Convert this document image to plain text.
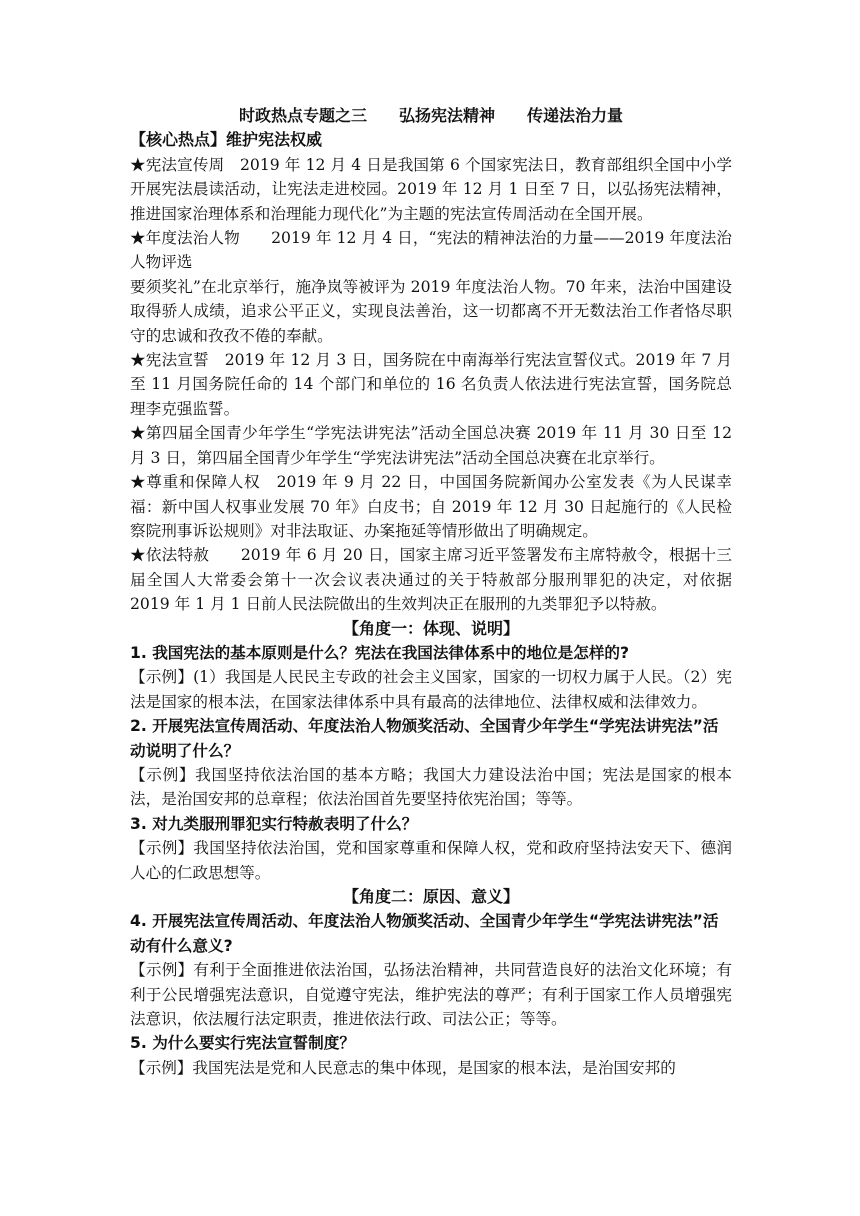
时政热点专题之三　　弘扬宪法精神　　传递法治力量
【核心热点】维护宪法权威

★宪法宣传周　2019 年 12 月 4 日是我国第 6 个国家宪法日，教育部组织全国中小学开展宪法晨读活动，让宪法走进校园。2019 年 12 月 1 日至 7 日，以弘扬宪法精神，推进国家治理体系和治理能力现代化”为主题的宪法宣传周活动在全国开展。

★年度法治人物　　2019 年 12 月 4 日，“宪法的精神法治的力量——2019 年度法治人物评选

要须奖礼”在北京举行，施净岚等被评为 2019 年度法治人物。70 年来，法治中国建设取得骄人成绩，追求公平正义，实现良法善治，这一切都离不开无数法治工作者恪尽职守的忠诚和孜孜不倦的奉献。

★宪法宣誓　2019 年 12 月 3 日，国务院在中南海举行宪法宣誓仪式。2019 年 7 月至 11 月国务院任命的 14 个部门和单位的 16 名负责人依法进行宪法宣誓，国务院总理李克强监誓。

★第四届全国青少年学生“学宪法讲宪法”活动全国总决赛 2019 年 11 月 30 日至 12 月 3 日，第四届全国青少年学生“学宪法讲宪法”活动全国总决赛在北京举行。

★尊重和保障人权　2019 年 9 月 22 日，中国国务院新闻办公室发表《为人民谋幸福：新中国人权事业发展 70 年》白皮书；自 2019 年 12 月 30 日起施行的《人民检察院刑事诉讼规则》对非法取证、办案拖延等情形做出了明确规定。

★依法特赦　　2019 年 6 月 20 日，国家主席习近平签署发布主席特赦令，根据十三届全国人大常委会第十一次会议表决通过的关于特赦部分服刑罪犯的决定，对依据 2019 年 1 月 1 日前人民法院做出的生效判决正在服刑的九类罪犯予以特赦。

【角度一：体现、说明】
1. 我国宪法的基本原则是什么？宪法在我国法律体系中的地位是怎样的?

【示例】(1）我国是人民民主专政的社会主义国家，国家的一切权力属于人民。（2）宪法是国家的根本法，在国家法律体系中具有最高的法律地位、法律权威和法律效力。

2. 开展宪法宣传周活动、年度法治人物颁奖活动、全国青少年学生“学宪法讲宪法”活动说明了什么？

【示例】我国坚持依法治国的基本方略；我国大力建设法治中国；宪法是国家的根本法，是治国安邦的总章程；依法治国首先要坚持依宪治国；等等。

3. 对九类服刑罪犯实行特赦表明了什么？

【示例】我国坚持依法治国，党和国家尊重和保障人权，党和政府坚持法安天下、德润人心的仁政思想等。

【角度二：原因、意义】
4. 开展宪法宣传周活动、年度法治人物颁奖活动、全国青少年学生“学宪法讲宪法”活动有什么意义?

【示例】有利于全面推进依法治国，弘扬法治精神，共同营造良好的法治文化环境；有利于公民增强宪法意识，自觉遵守宪法，维护宪法的尊严；有利于国家工作人员增强宪法意识，依法履行法定职责，推进依法行政、司法公正；等等。

5. 为什么要实行宪法宣誓制度？

【示例】我国宪法是党和人民意志的集中体现，是国家的根本法，是治国安邦的
